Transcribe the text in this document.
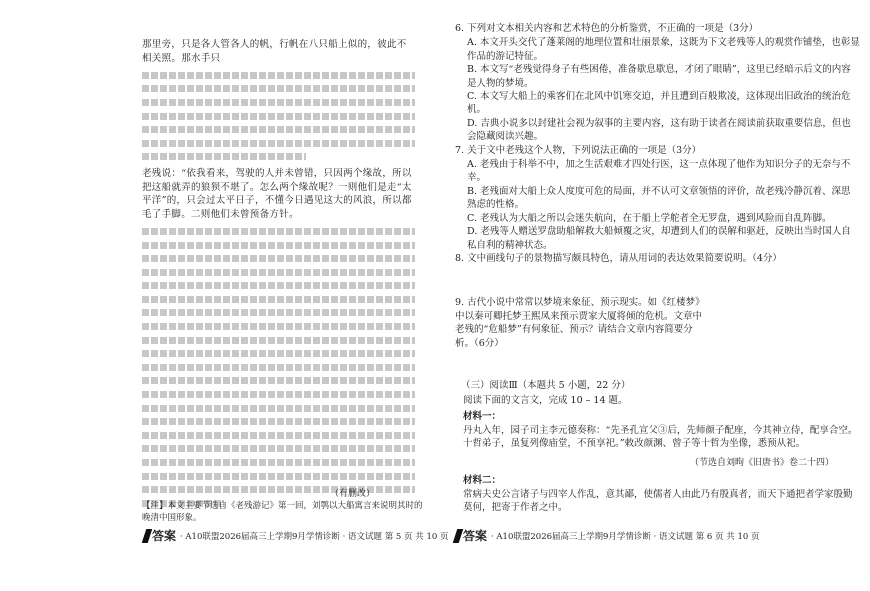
那里旁，只是各人管各人的帆，行帆在八只船上似的，彼此不相关照。那水手只

老残说：“依我看来，驾驶的人并未曾错，只因两个缘故，所以把这船就弄的狼狈不堪了。怎么两个缘故呢？一则他们是走“太平洋”的，只会过太平日子，不懂今日遇见这大的风浪，所以都毛了手脚。二则他们未曾预备方针。

（有删改）
【注】本文主要节选自《老残游记》第一回，刘鹗以大船寓言来说明其时的晚清中国形象。
答案 · A10联盟2026届高三上学期9月学情诊断 · 语文试题 第 5 页 共 10 页
6. 下列对文本相关内容和艺术特色的分析鉴赏，不正确的一项是（3分）
A. 本文开头交代了蓬莱阁的地理位置和壮丽景象，这既为下文老残等人的观赏作铺垫，也彰显作品的游记特征。
B. 本文写“老残觉得身子有些困倦，准备歇息歇息，才闭了眼睛”，这里已经暗示后文的内容是人物的梦境。
C. 本文写大船上的乘客们在北风中饥寒交迫，并且遭到百般欺凌，这体现出旧政治的统治危机。
D. 吉典小说多以封建社会视为叙事的主要内容，这有助于读者在阅读前获取重要信息，但也会隐藏阅读兴趣。
7. 关于文中老残这个人物，下列说法正确的一项是（3分）
A. 老残由于科举不中，加之生活艰难才四处行医，这一点体现了他作为知识分子的无奈与不幸。
B. 老残面对大船上众人度度可危的局面，并不认可文章领悟的评价，故老残冷静沉着、深思熟虑的性格。
C. 老残认为大船之所以会迷失航向，在于船上学舵者全无罗盘，遇到风险而自乱阵脚。
D. 老残等人赠送罗盘助船解救大船倾覆之灾，却遭到人们的误解和驱赶，反映出当时国人自私自利的精神状态。
8. 文中画线句子的景物描写颇具特色，请从用词的表达效果简要说明。（4分）
9. 古代小说中常常以梦境来象征、预示现实。如《红楼梦》中以秦可卿托梦王熙凤来预示贾家大厦将倾的危机。文章中老残的“危船梦”有何象征、预示？请结合文章内容简要分析。（6分）
（三）阅读Ⅲ（本题共 5 小题，22 分）
阅读下面的文言文，完成 10 – 14 题。
材料一：
丹丸入年，园子司主李元德奏称：“先圣孔宣父③后，先师颜子配座，今其神立侍，配享合空。十哲弟子，虽复列像庙堂，不预享祀。”敕改颜渊、曾子等十哲为坐像，悉预从祀。
（节选自刘昫《旧唐书》卷二十四）
材料二：
常病夫史公言诸子与四宰人作乱，意其鄙，使儒者人由此乃有殷真者，而天下通把者学家殷勤莫何，把寄于作者之中。
答案 · A10联盟2026届高三上学期9月学情诊断 · 语文试题 第 6 页 共 10 页
